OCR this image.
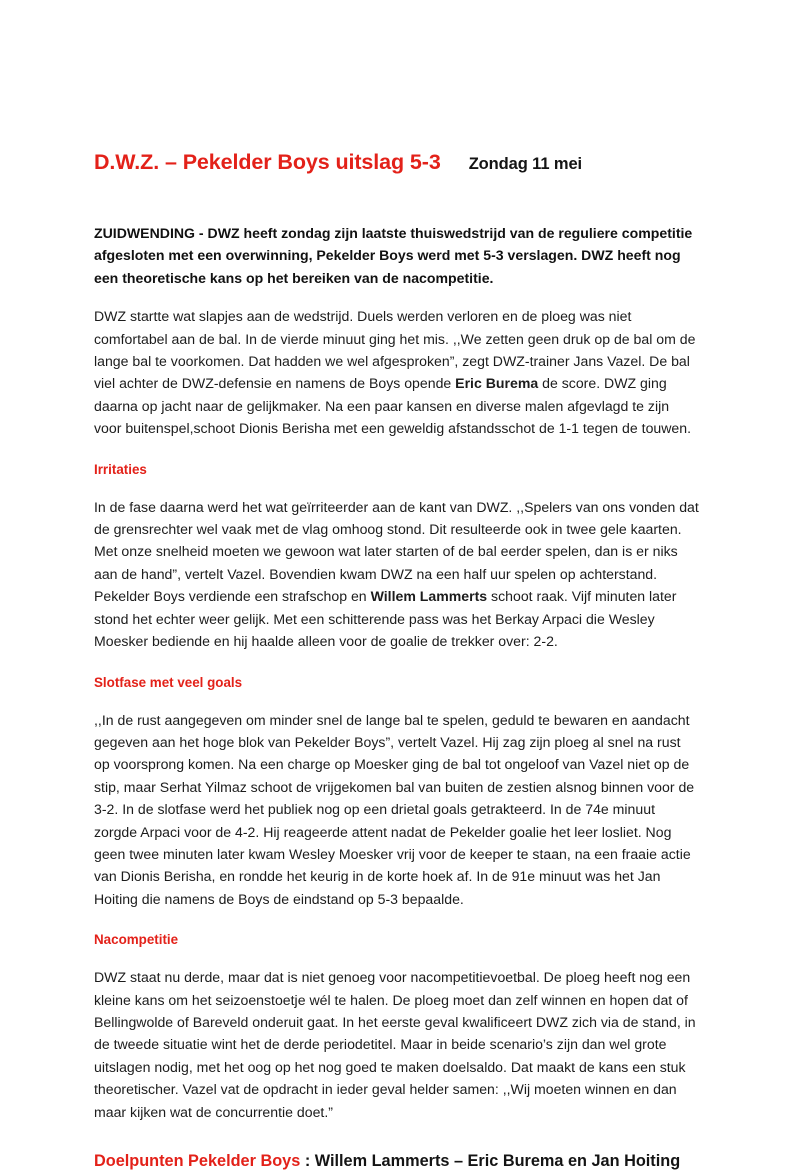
D.W.Z. – Pekelder Boys uitslag 5-3 Zondag 11 mei

ZUIDWENDING - DWZ heeft zondag zijn laatste thuiswedstrijd van de reguliere competitie afgesloten met een overwinning, Pekelder Boys werd met 5-3 verslagen. DWZ heeft nog een theoretische kans op het bereiken van de nacompetitie.

DWZ startte wat slapjes aan de wedstrijd. Duels werden verloren en de ploeg was niet comfortabel aan de bal. In de vierde minuut ging het mis. ,,We zetten geen druk op de bal om de lange bal te voorkomen. Dat hadden we wel afgesproken”, zegt DWZ-trainer Jans Vazel. De bal viel achter de DWZ-defensie en namens de Boys opende Eric Burema de score. DWZ ging daarna op jacht naar de gelijkmaker. Na een paar kansen en diverse malen afgevlagd te zijn voor buitenspel,schoot Dionis Berisha met een geweldig afstandsschot de 1-1 tegen de touwen.

Irritaties

In de fase daarna werd het wat geïrriteerder aan de kant van DWZ. ,,Spelers van ons vonden dat de grensrechter wel vaak met de vlag omhoog stond. Dit resulteerde ook in twee gele kaarten. Met onze snelheid moeten we gewoon wat later starten of de bal eerder spelen, dan is er niks aan de hand”, vertelt Vazel. Bovendien kwam DWZ na een half uur spelen op achterstand. Pekelder Boys verdiende een strafschop en Willem Lammerts schoot raak. Vijf minuten later stond het echter weer gelijk. Met een schitterende pass was het Berkay Arpaci die Wesley Moesker bediende en hij haalde alleen voor de goalie de trekker over: 2-2.

Slotfase met veel goals

,,In de rust aangegeven om minder snel de lange bal te spelen, geduld te bewaren en aandacht gegeven aan het hoge blok van Pekelder Boys”, vertelt Vazel. Hij zag zijn ploeg al snel na rust op voorsprong komen. Na een charge op Moesker ging de bal tot ongeloof van Vazel niet op de stip, maar Serhat Yilmaz schoot de vrijgekomen bal van buiten de zestien alsnog binnen voor de 3-2. In de slotfase werd het publiek nog op een drietal goals getrakteerd. In de 74e minuut zorgde Arpaci voor de 4-2. Hij reageerde attent nadat de Pekelder goalie het leer losliet. Nog geen twee minuten later kwam Wesley Moesker vrij voor de keeper te staan, na een fraaie actie van Dionis Berisha, en rondde het keurig in de korte hoek af. In de 91e minuut was het Jan Hoiting die namens de Boys de eindstand op 5-3 bepaalde.

Nacompetitie

DWZ staat nu derde, maar dat is niet genoeg voor nacompetitievoetbal. De ploeg heeft nog een kleine kans om het seizoenstoetje wél te halen. De ploeg moet dan zelf winnen en hopen dat of Bellingwolde of Bareveld onderuit gaat. In het eerste geval kwalificeert DWZ zich via de stand, in de tweede situatie wint het de derde periodetitel. Maar in beide scenario’s zijn dan wel grote uitslagen nodig, met het oog op het nog goed te maken doelsaldo. Dat maakt de kans een stuk theoretischer. Vazel vat de opdracht in ieder geval helder samen: ,,Wij moeten winnen en dan maar kijken wat de concurrentie doet.”

Doelpunten Pekelder Boys : Willem Lammerts – Eric Burema en Jan Hoiting
